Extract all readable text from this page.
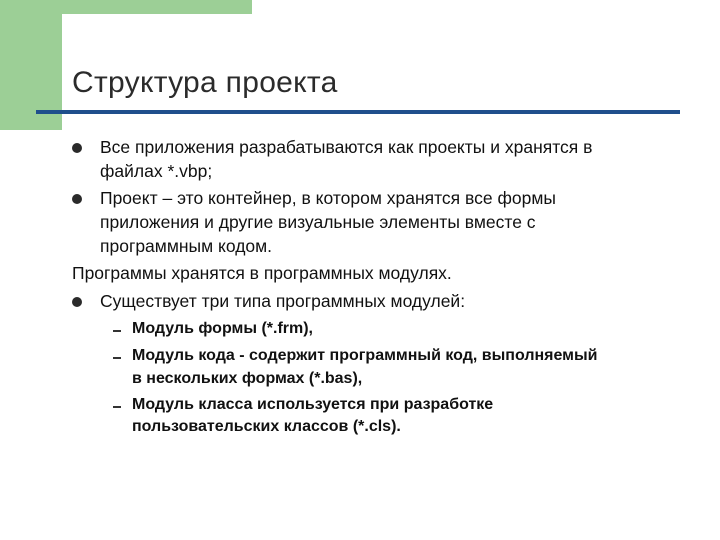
Структура проекта
Все приложения разрабатываются как проекты и хранятся в
файлах *.vbp;
Проект – это контейнер, в котором хранятся все формы
приложения и другие визуальные элементы вместе с
программным кодом.
Программы хранятся в программных модулях.
Существует три типа программных модулей:
Модуль формы (*.frm),
Модуль кода - содержит программный код, выполняемый
в нескольких формах (*.bas),
Модуль класса используется при разработке
пользовательских классов (*.cls).
